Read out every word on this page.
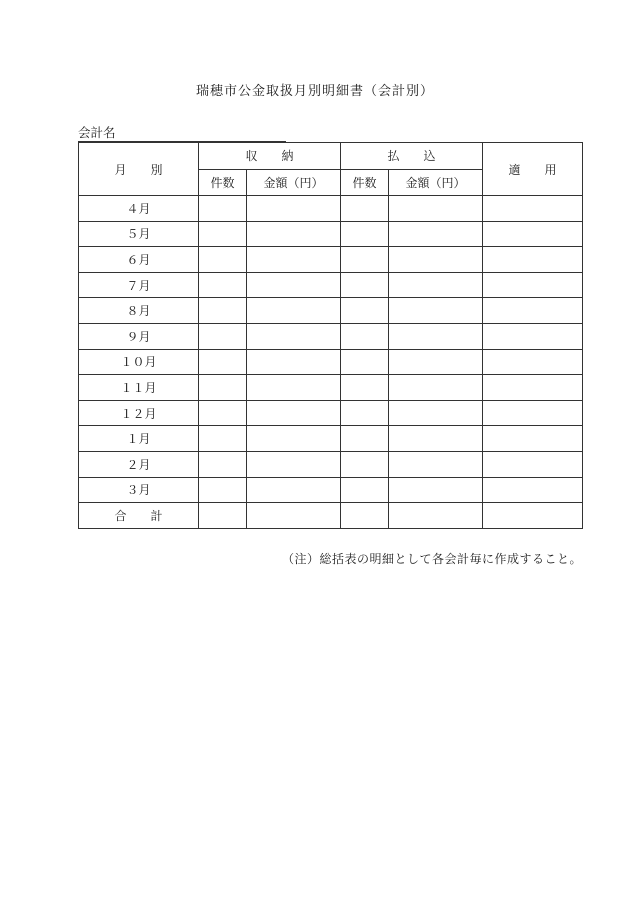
瑞穂市公金取扱月別明細書（会計別）
会計名
月　　別	収　　納		払　　込		適　　用
	件数	金額（円）	件数	金額（円）	
４月					
５月					
６月					
７月					
８月					
９月					
１０月					
１１月					
１２月					
１月					
２月					
３月					
合　　計					
（注）総括表の明細として各会計毎に作成すること。
